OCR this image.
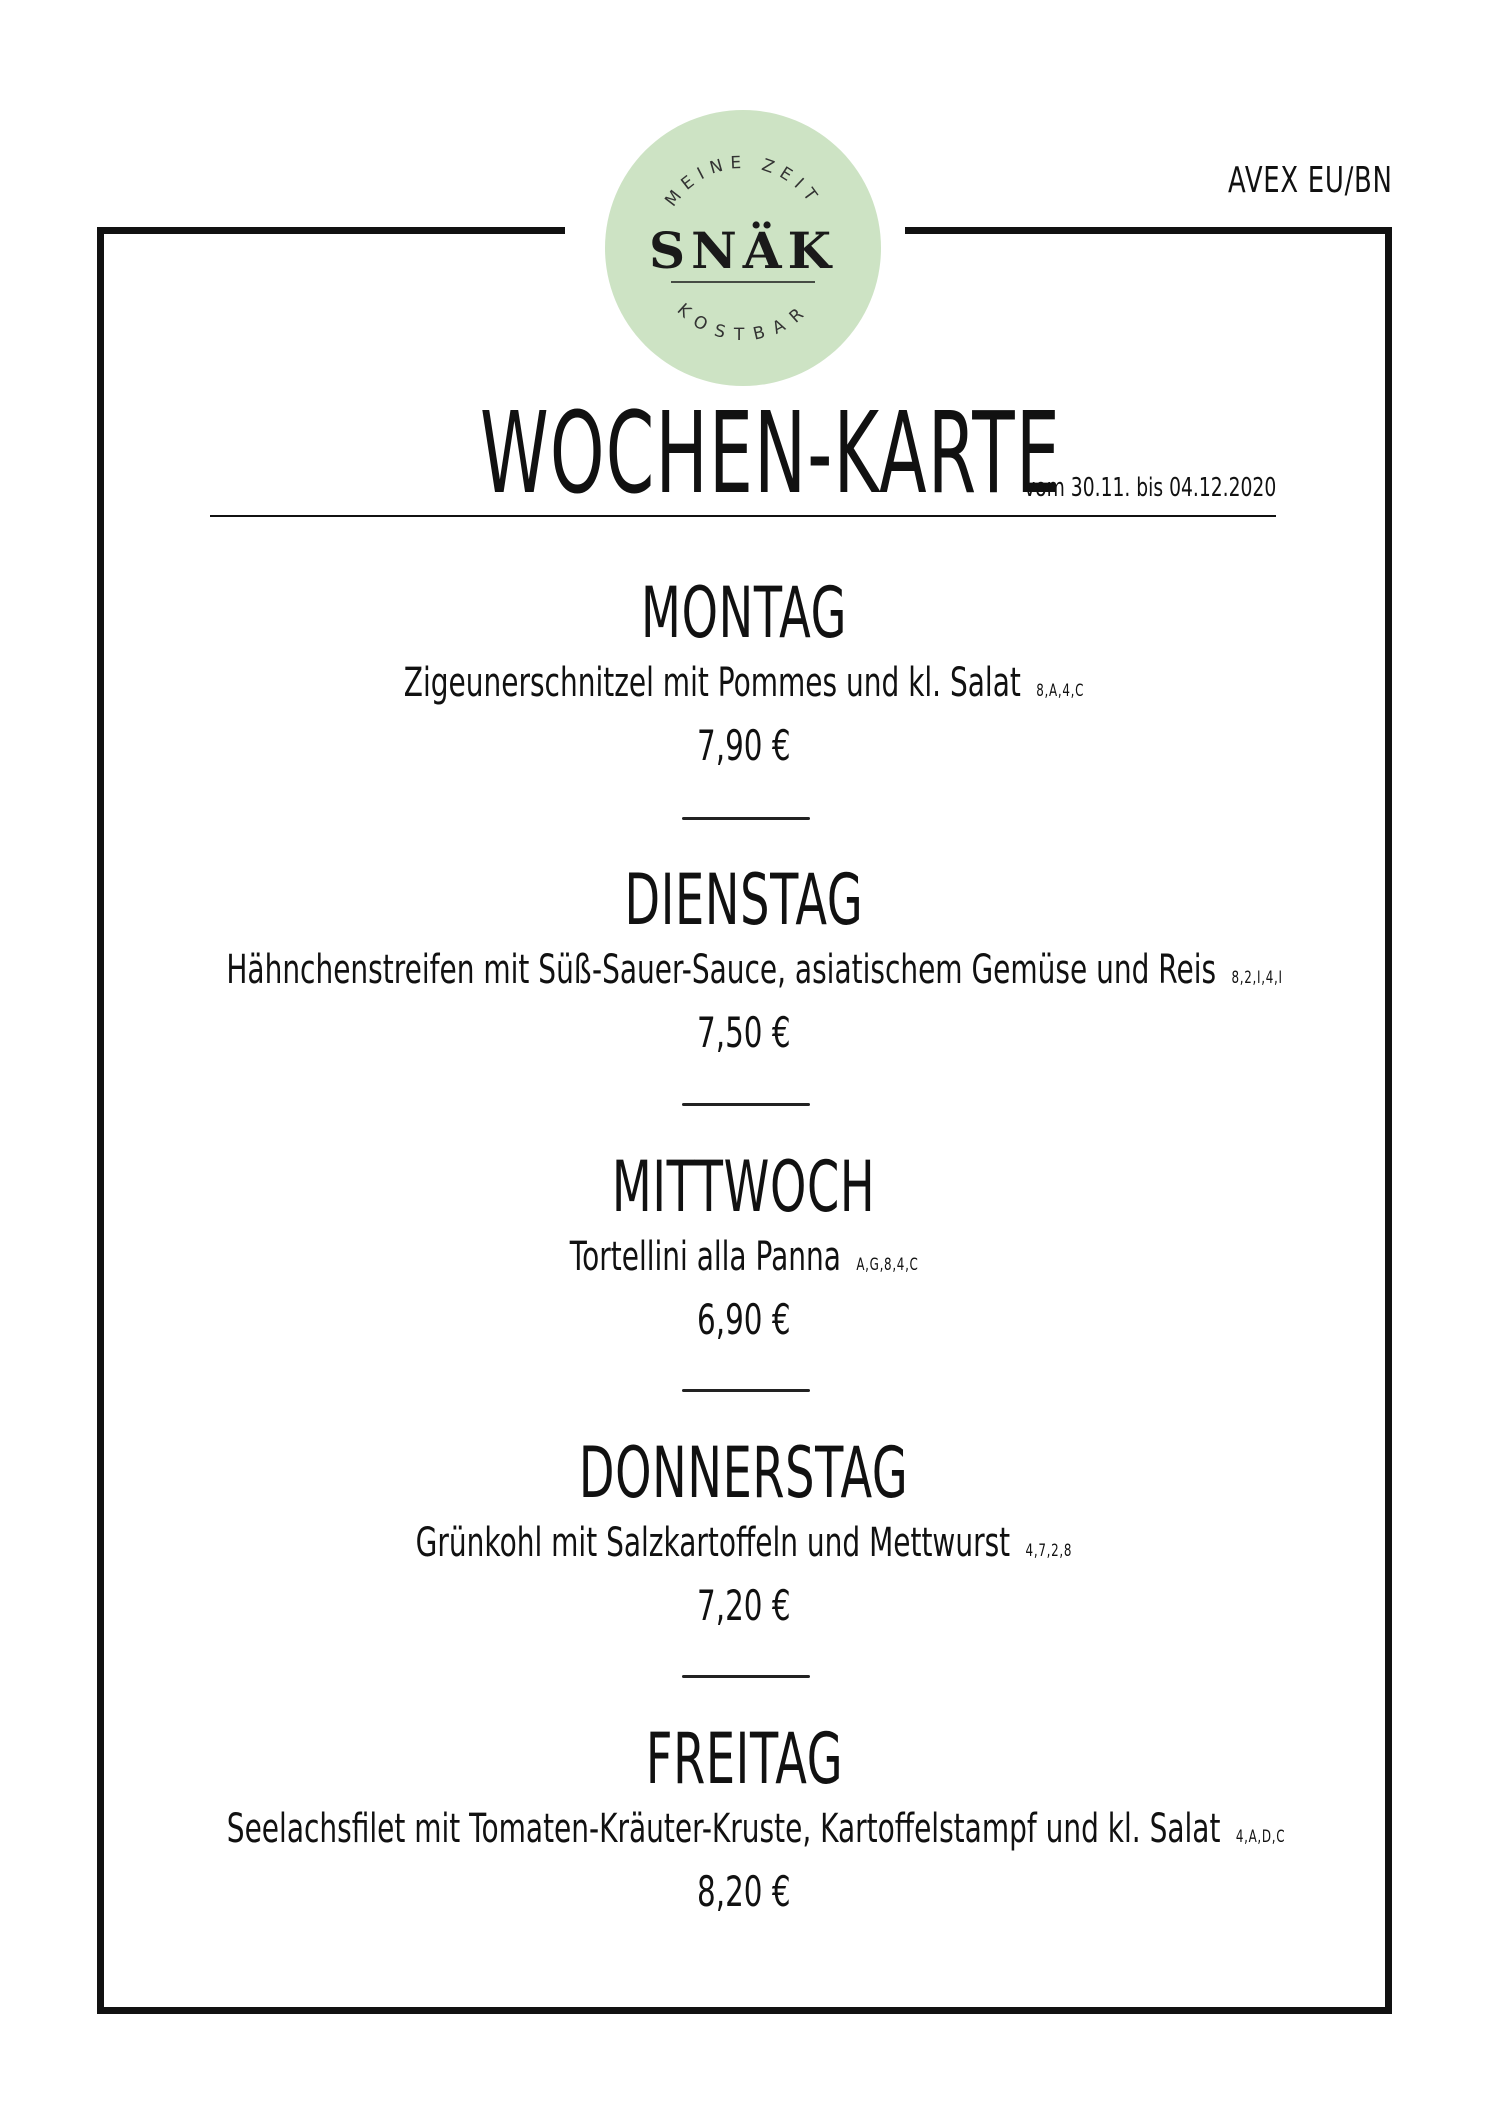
AVEX EU/BN
MEINE ZEIT
SNÄK
KOSTBAR
WOCHEN-KARTE
vom 30.11. bis 04.12.2020
MONTAG
Zigeunerschnitzel mit Pommes und kl. Salat 8,A,4,C
7,90 €
DIENSTAG
Hähnchenstreifen mit Süß-Sauer-Sauce, asiatischem Gemüse und Reis 8,2,I,4,I
7,50 €
MITTWOCH
Tortellini alla Panna A,G,8,4,C
6,90 €
DONNERSTAG
Grünkohl mit Salzkartoffeln und Mettwurst 4,7,2,8
7,20 €
FREITAG
Seelachsfilet mit Tomaten-Kräuter-Kruste, Kartoffelstampf und kl. Salat 4,A,D,C
8,20 €
